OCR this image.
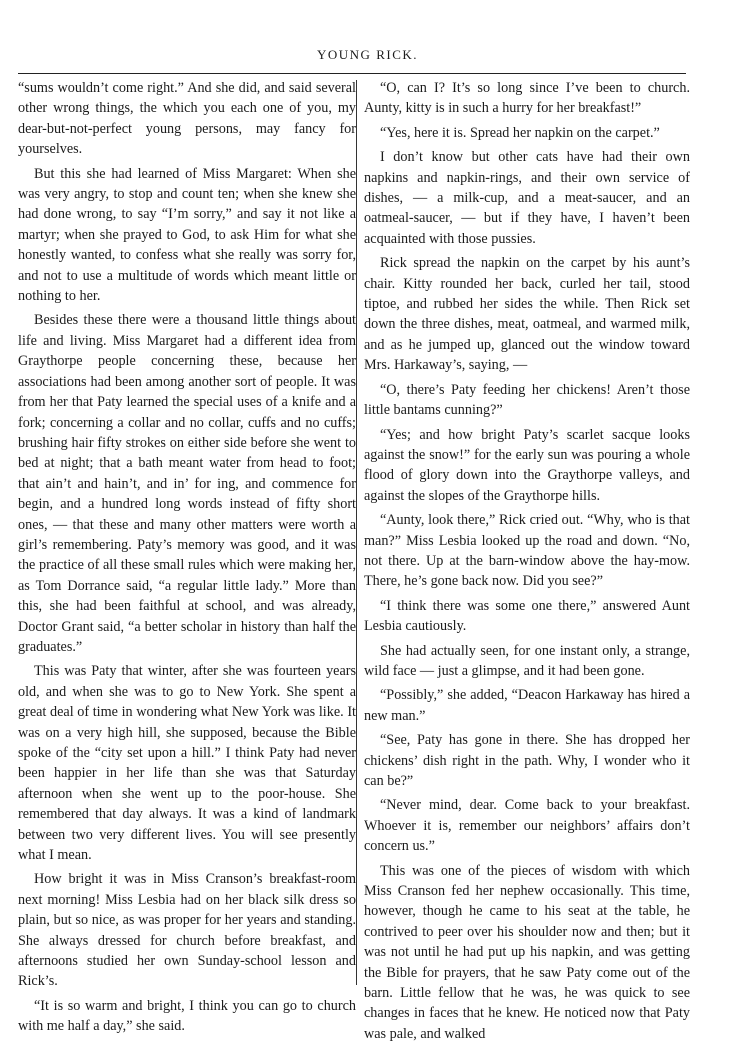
YOUNG RICK.

“sums wouldn’t come right.” And she did, and said several other wrong things, the which you each one of you, my dear-but-not-perfect young persons, may fancy for yourselves.

But this she had learned of Miss Margaret: When she was very angry, to stop and count ten; when she knew she had done wrong, to say “I’m sorry,” and say it not like a martyr; when she prayed to God, to ask Him for what she honestly wanted, to confess what she really was sorry for, and not to use a multitude of words which meant little or nothing to her.

Besides these there were a thousand little things about life and living. Miss Margaret had a different idea from Graythorpe people concerning these, because her associations had been among another sort of people. It was from her that Paty learned the special uses of a knife and a fork; concerning a collar and no collar, cuffs and no cuffs; brushing hair fifty strokes on either side before she went to bed at night; that a bath meant water from head to foot; that ain’t and hain’t, and in’ for ing, and commence for begin, and a hundred long words instead of fifty short ones, — that these and many other matters were worth a girl’s remembering. Paty’s memory was good, and it was the practice of all these small rules which were making her, as Tom Dorrance said, “a regular little lady.” More than this, she had been faithful at school, and was already, Doctor Grant said, “a better scholar in history than half the graduates.”

This was Paty that winter, after she was fourteen years old, and when she was to go to New York. She spent a great deal of time in wondering what New York was like. It was on a very high hill, she supposed, because the Bible spoke of the “city set upon a hill.” I think Paty had never been happier in her life than she was that Saturday afternoon when she went up to the poor-house. She remembered that day always. It was a kind of landmark between two very different lives. You will see presently what I mean.

How bright it was in Miss Cranson’s breakfast-room next morning! Miss Lesbia had on her black silk dress so plain, but so nice, as was proper for her years and standing. She always dressed for church before breakfast, and afternoons studied her own Sunday-school lesson and Rick’s.

“It is so warm and bright, I think you can go to church with me half a day,” she said.

“O, can I? It’s so long since I’ve been to church. Aunty, kitty is in such a hurry for her breakfast!”

“Yes, here it is. Spread her napkin on the carpet.”

I don’t know but other cats have had their own napkins and napkin-rings, and their own service of dishes, — a milk-cup, and a meat-saucer, and an oatmeal-saucer, — but if they have, I haven’t been acquainted with those pussies.

Rick spread the napkin on the carpet by his aunt’s chair. Kitty rounded her back, curled her tail, stood tiptoe, and rubbed her sides the while. Then Rick set down the three dishes, meat, oatmeal, and warmed milk, and as he jumped up, glanced out the window toward Mrs. Harkaway’s, saying, —

“O, there’s Paty feeding her chickens! Aren’t those little bantams cunning?”

“Yes; and how bright Paty’s scarlet sacque looks against the snow!” for the early sun was pouring a whole flood of glory down into the Graythorpe valleys, and against the slopes of the Graythorpe hills.

“Aunty, look there,” Rick cried out. “Why, who is that man?” Miss Lesbia looked up the road and down. “No, not there. Up at the barn-window above the hay-mow. There, he’s gone back now. Did you see?”

“I think there was some one there,” answered Aunt Lesbia cautiously.

She had actually seen, for one instant only, a strange, wild face — just a glimpse, and it had been gone.

“Possibly,” she added, “Deacon Harkaway has hired a new man.”

“See, Paty has gone in there. She has dropped her chickens’ dish right in the path. Why, I wonder who it can be?”

“Never mind, dear. Come back to your breakfast. Whoever it is, remember our neighbors’ affairs don’t concern us.”

This was one of the pieces of wisdom with which Miss Cranson fed her nephew occasionally. This time, however, though he came to his seat at the table, he contrived to peer over his shoulder now and then; but it was not until he had put up his napkin, and was getting the Bible for prayers, that he saw Paty come out of the barn. Little fellow that he was, he was quick to see changes in faces that he knew. He noticed now that Paty was pale, and walked
